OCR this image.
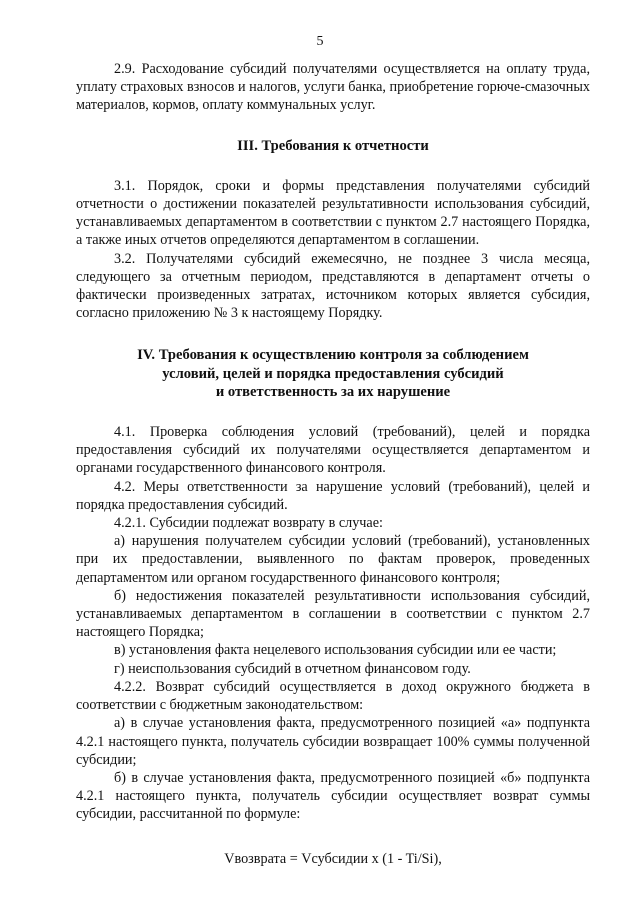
5

2.9. Расходование субсидий получателями осуществляется на оплату труда, уплату страховых взносов и налогов, услуги банка, приобретение горюче-смазочных материалов, кормов, оплату коммунальных услуг.

III. Требования к отчетности

3.1. Порядок, сроки и формы представления получателями субсидий отчетности о достижении показателей результативности использования субсидий, устанавливаемых департаментом в соответствии с пунктом 2.7 настоящего Порядка, а также иных отчетов определяются департаментом в соглашении.

3.2. Получателями субсидий ежемесячно, не позднее 3 числа месяца, следующего за отчетным периодом, представляются в департамент отчеты о фактически произведенных затратах, источником которых является субсидия, согласно приложению № 3 к настоящему Порядку.

IV. Требования к осуществлению контроля за соблюдением
условий, целей и порядка предоставления субсидий
и ответственность за их нарушение

4.1. Проверка соблюдения условий (требований), целей и порядка предоставления субсидий их получателями осуществляется департаментом и органами государственного финансового контроля.

4.2. Меры ответственности за нарушение условий (требований), целей и порядка предоставления субсидий.

4.2.1. Субсидии подлежат возврату в случае:

а) нарушения получателем субсидии условий (требований), установленных при их предоставлении, выявленного по фактам проверок, проведенных департаментом или органом государственного финансового контроля;

б) недостижения показателей результативности использования субсидий, устанавливаемых департаментом в соглашении в соответствии с пунктом 2.7 настоящего Порядка;

в) установления факта нецелевого использования субсидии или ее части;

г) неиспользования субсидий в отчетном финансовом году.

4.2.2. Возврат субсидий осуществляется в доход окружного бюджета в соответствии с бюджетным законодательством:

а) в случае установления факта, предусмотренного позицией «а» подпункта 4.2.1 настоящего пункта, получатель субсидии возвращает 100% суммы полученной субсидии;

б) в случае установления факта, предусмотренного позицией «б» подпункта 4.2.1 настоящего пункта, получатель субсидии осуществляет возврат суммы субсидии, рассчитанной по формуле:

Vвозврата = Vсубсидии x (1 - Ti/Si),
